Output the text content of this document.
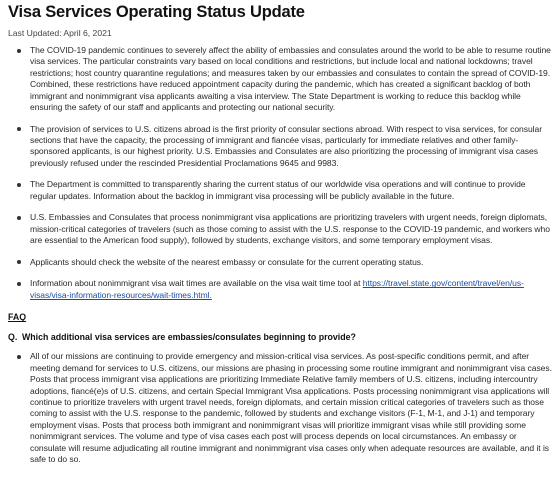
Visa Services Operating Status Update
Last Updated: April 6, 2021
The COVID-19 pandemic continues to severely affect the ability of embassies and consulates around the world to be able to resume routine visa services. The particular constraints vary based on local conditions and restrictions, but include local and national lockdowns; travel restrictions; host country quarantine regulations; and measures taken by our embassies and consulates to contain the spread of COVID-19. Combined, these restrictions have reduced appointment capacity during the pandemic, which has created a significant backlog of both immigrant and nonimmigrant visa applicants awaiting a visa interview. The State Department is working to reduce this backlog while ensuring the safety of our staff and applicants and protecting our national security.
The provision of services to U.S. citizens abroad is the first priority of consular sections abroad. With respect to visa services, for consular sections that have the capacity, the processing of immigrant and fiancée visas, particularly for immediate relatives and other family-sponsored applicants, is our highest priority. U.S. Embassies and Consulates are also prioritizing the processing of immigrant visa cases previously refused under the rescinded Presidential Proclamations 9645 and 9983.
The Department is committed to transparently sharing the current status of our worldwide visa operations and will continue to provide regular updates. Information about the backlog in immigrant visa processing will be publicly available in the future.
U.S. Embassies and Consulates that process nonimmigrant visa applications are prioritizing travelers with urgent needs, foreign diplomats, mission-critical categories of travelers (such as those coming to assist with the U.S. response to the COVID-19 pandemic, and workers who are essential to the American food supply), followed by students, exchange visitors, and some temporary employment visas.
Applicants should check the website of the nearest embassy or consulate for the current operating status.
Information about nonimmigrant visa wait times are available on the visa wait time tool at https://travel.state.gov/content/travel/en/us-visas/visa-information-resources/wait-times.html.
FAQ
Q. Which additional visa services are embassies/consulates beginning to provide?
All of our missions are continuing to provide emergency and mission-critical visa services. As post-specific conditions permit, and after meeting demand for services to U.S. citizens, our missions are phasing in processing some routine immigrant and nonimmigrant visa cases. Posts that process immigrant visa applications are prioritizing Immediate Relative family members of U.S. citizens, including intercountry adoptions, fiancé(e)s of U.S. citizens, and certain Special Immigrant Visa applications. Posts processing nonimmigrant visa applications will continue to prioritize travelers with urgent travel needs, foreign diplomats, and certain mission critical categories of travelers such as those coming to assist with the U.S. response to the pandemic, followed by students and exchange visitors (F-1, M-1, and J-1) and temporary employment visas. Posts that process both immigrant and nonimmigrant visas will prioritize immigrant visas while still providing some nonimmigrant services. The volume and type of visa cases each post will process depends on local circumstances. An embassy or consulate will resume adjudicating all routine immigrant and nonimmigrant visa cases only when adequate resources are available, and it is safe to do so.
